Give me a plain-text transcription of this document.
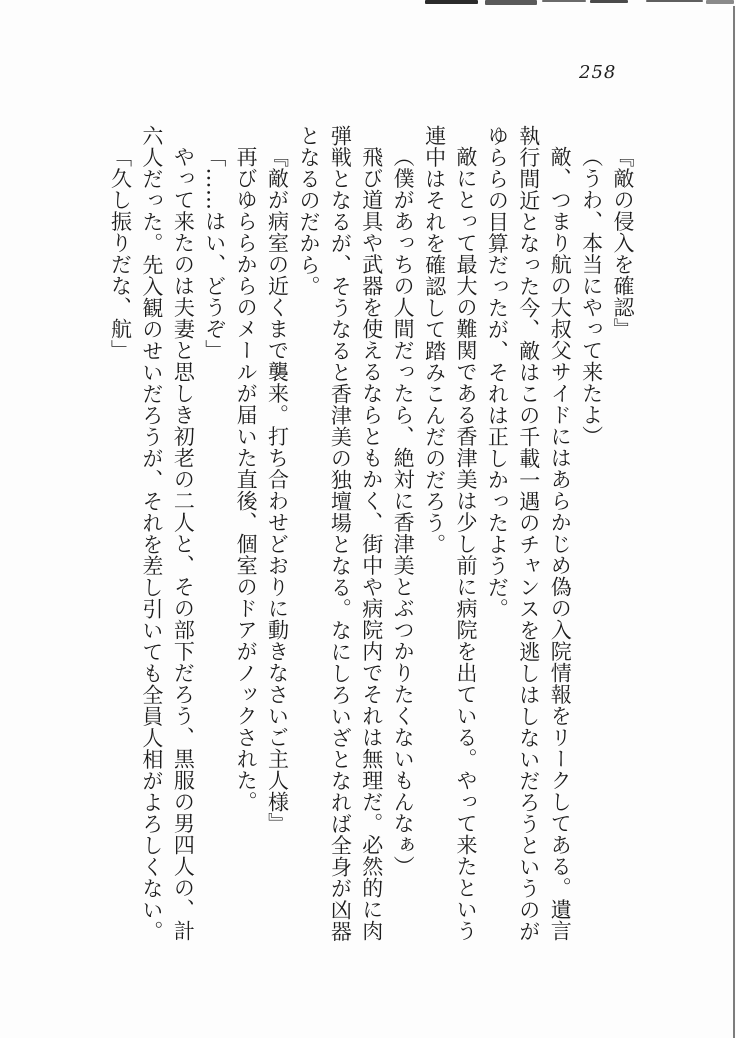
258

『敵の侵入を確認』

（うわ、本当にやって来たよ）

敵、つまり航の大叔父サイドにはあらかじめ偽の入院情報をリークしてある。遺言執行間近となった今、敵はこの千載一遇のチャンスを逃しはしないだろうというのがゆららの目算だったが、それは正しかったようだ。

敵にとって最大の難関である香津美は少し前に病院を出ている。やって来たという連中はそれを確認して踏みこんだのだろう。

（僕があっちの人間だったら、絶対に香津美とぶつかりたくないもんなぁ）

飛び道具や武器を使えるならともかく、街中や病院内でそれは無理だ。必然的に肉弾戦となるが、そうなると香津美の独壇場となる。なにしろいざとなれば全身が凶器となるのだから。

『敵が病室の近くまで襲来。打ち合わせどおりに動きなさいご主人様』

再びゆららからのメールが届いた直後、個室のドアがノックされた。

「……はい、どうぞ」

やって来たのは夫妻と思しき初老の二人と、その部下だろう、黒服の男四人の、計六人だった。先入観のせいだろうが、それを差し引いても全員人相がよろしくない。

「久し振りだな、航」
